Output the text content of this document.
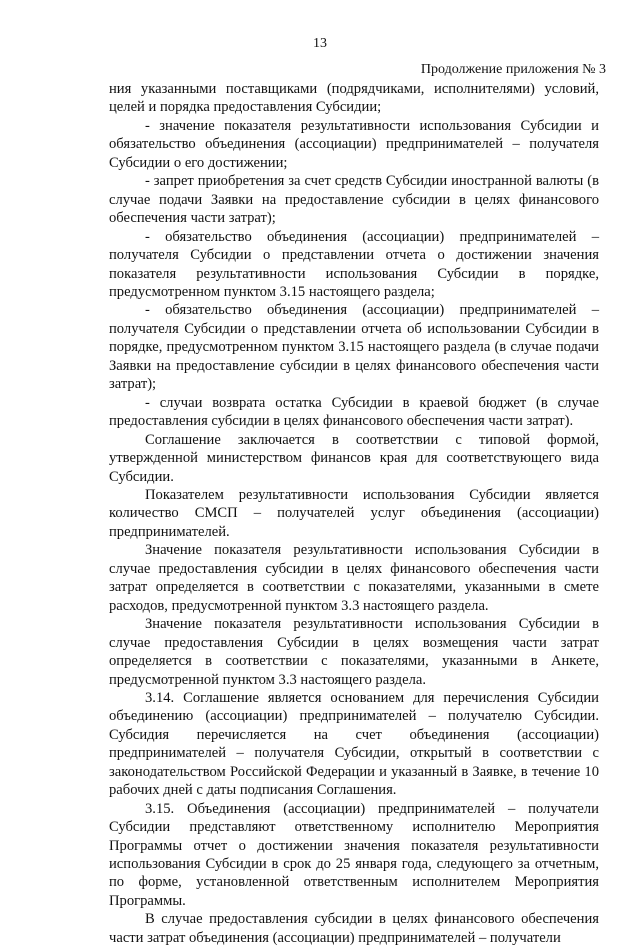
13
Продолжение приложения № 3

ния указанными поставщиками (подрядчиками, исполнителями) условий, целей и порядка предоставления Субсидии;

- значение показателя результативности использования Субсидии и обязательство объединения (ассоциации) предпринимателей – получателя Субсидии о его достижении;

- запрет приобретения за счет средств Субсидии иностранной валюты (в случае подачи Заявки на предоставление субсидии в целях финансового обеспечения части затрат);

- обязательство объединения (ассоциации) предпринимателей – получателя Субсидии о представлении отчета о достижении значения показателя результативности использования Субсидии в порядке, предусмотренном пунктом 3.15 настоящего раздела;

- обязательство объединения (ассоциации) предпринимателей – получателя Субсидии о представлении отчета об использовании Субсидии в порядке, предусмотренном пунктом 3.15 настоящего раздела (в случае подачи Заявки на предоставление субсидии в целях финансового обеспечения части затрат);

- случаи возврата остатка Субсидии в краевой бюджет (в случае предоставления субсидии в целях финансового обеспечения части затрат).

Соглашение заключается в соответствии с типовой формой, утвержденной министерством финансов края для соответствующего вида Субсидии.

Показателем результативности использования Субсидии является количество СМСП – получателей услуг объединения (ассоциации) предпринимателей.

Значение показателя результативности использования Субсидии в случае предоставления субсидии в целях финансового обеспечения части затрат определяется в соответствии с показателями, указанными в смете расходов, предусмотренной пунктом 3.3 настоящего раздела.

Значение показателя результативности использования Субсидии в случае предоставления Субсидии в целях возмещения части затрат определяется в соответствии с показателями, указанными в Анкете, предусмотренной пунктом 3.3 настоящего раздела.

3.14. Соглашение является основанием для перечисления Субсидии объединению (ассоциации) предпринимателей – получателю Субсидии. Субсидия перечисляется на счет объединения (ассоциации) предпринимателей – получателя Субсидии, открытый в соответствии с законодательством Российской Федерации и указанный в Заявке, в течение 10 рабочих дней с даты подписания Соглашения.

3.15. Объединения (ассоциации) предпринимателей – получатели Субсидии представляют ответственному исполнителю Мероприятия Программы отчет о достижении значения показателя результативности использования Субсидии в срок до 25 января года, следующего за отчетным, по форме, установленной ответственным исполнителем Мероприятия Программы.

В случае предоставления субсидии в целях финансового обеспечения части затрат объединения (ассоциации) предпринимателей – получатели
